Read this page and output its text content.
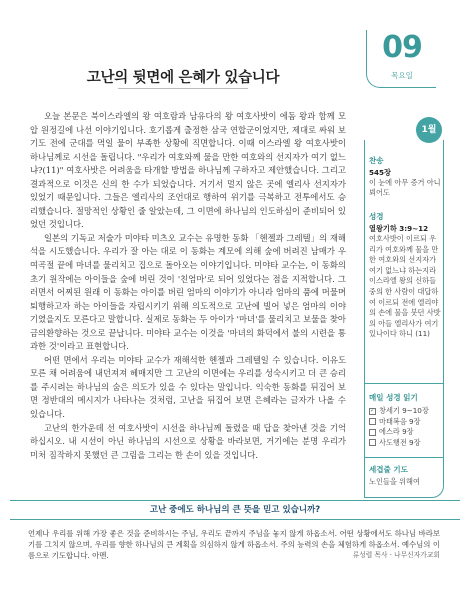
09
목요일
고난의 뒷면에 은혜가 있습니다

오늘 본문은 북이스라엘의 왕 여호람과 남유다의 왕 여호사밧이 에돔 왕과 함께 모압 원정길에 나선 이야기입니다. 호기롭게 출정한 삼국 연합군이었지만, 제대로 싸워 보기도 전에 군대를 먹일 물이 부족한 상황에 직면합니다. 이때 이스라엘 왕 여호사밧이 하나님께로 시선을 돌립니다. "우리가 여호와께 물을 만한 여호와의 선지자가 여기 없느냐?(11)" 여호사밧은 어려움을 타개할 방법을 하나님께 구하자고 제안했습니다. 그리고 결과적으로 이것은 신의 한 수가 되었습니다. 거기서 멀지 않은 곳에 엘리사 선지자가 있었기 때문입니다. 그들은 엘리사의 조언대로 행하여 위기를 극복하고 전투에서도 승리했습니다. 절망적인 상황인 줄 알았는데, 그 이면에 하나님의 인도하심이 준비되어 있었던 것입니다.

일본의 기독교 저술가 미야타 미츠오 교수는 유명한 동화 「헨젤과 그레텔」의 재해석을 시도했습니다. 우리가 잘 아는 대로 이 동화는 계모에 의해 숲에 버려진 남매가 우여곡절 끝에 마녀를 물리치고 집으로 돌아오는 이야기입니다. 미야타 교수는, 이 동화의 초기 원작에는 아이들을 숲에 버린 것이 '친엄마'로 되어 있었다는 점을 지적합니다. 그러면서 어찌된 원래 이 동화는 아이를 버린 엄마의 이야기가 아니라 엄마의 품에 머물며 퇴행하고자 하는 아이들을 자립시키기 위해 의도적으로 고난에 빌어 넣은 엄마의 이야기였을지도 모른다고 말합니다. 실제로 동화는 두 아이가 '마녀'를 물리치고 보물을 찾아 금의환향하는 것으로 끝납니다. 미야타 교수는 이것을 '마녀의 화덕에서 불의 시련을 통과한 것'이라고 표현합니다.

어떤 면에서 우리는 미야타 교수가 재해석한 헨젤과 그레텔일 수 있습니다. 이유도 모른 채 어려움에 내던져져 헤매지만 그 고난의 이면에는 우리를 성숙시키고 더 큰 승리를 주시려는 하나님의 숨은 의도가 있을 수 있다는 말입니다. 익숙한 동화를 뒤집어 보면 정반대의 메시지가 나타나는 것처럼, 고난을 뒤집어 보면 은혜라는 글자가 나올 수 있습니다.

고난의 한가운데 선 여호사밧이 시선을 하나님께 돌렸을 때 답을 찾아낸 것을 기억하십시오. 내 시선이 아닌 하나님의 시선으로 상황을 바라보면, 거기에는 분명 우리가 미처 짐작하지 못했던 큰 그림을 그리는 한 손이 있을 것입니다.

1월
찬송
545장
이 눈에 아무 증거 아니 뵈어도
성경
열왕기하 3:9~12
여호사밧이 이르되 우리가 여호와께 물을 만한 여호와의 선지자가 여기 없느냐 하는지라 이스라엘 왕의 신하들 중의 한 사람이 대답하여 이르되 전에 엘리야의 손에 물을 붓던 사밧의 아들 엘리사가 여기 있나이다 하니 (11)
매일 성경 읽기
✓ 창세기 9~10장
마태복음 9장
에스라 9장
사도행전 9장
세겹줄 기도
노인들을 위해여
고난 중에도 하나님의 큰 뜻을 믿고 있습니까?
언제나 우리를 위해 가장 좋은 것을 준비하시는 주님, 우리도 끝까지 주님을 놓지 않게 하옵소서. 어떤 상황에서도 하나님 바라보기를 그치지 않으며, 우리를 향한 하나님의 큰 계획을 의심하지 않게 하옵소서. 주의 능력의 손을 체험하게 하옵소서. 예수님의 이름으로 기도합니다. 아멘.	류성렬 목사 · 나무신자가교회
